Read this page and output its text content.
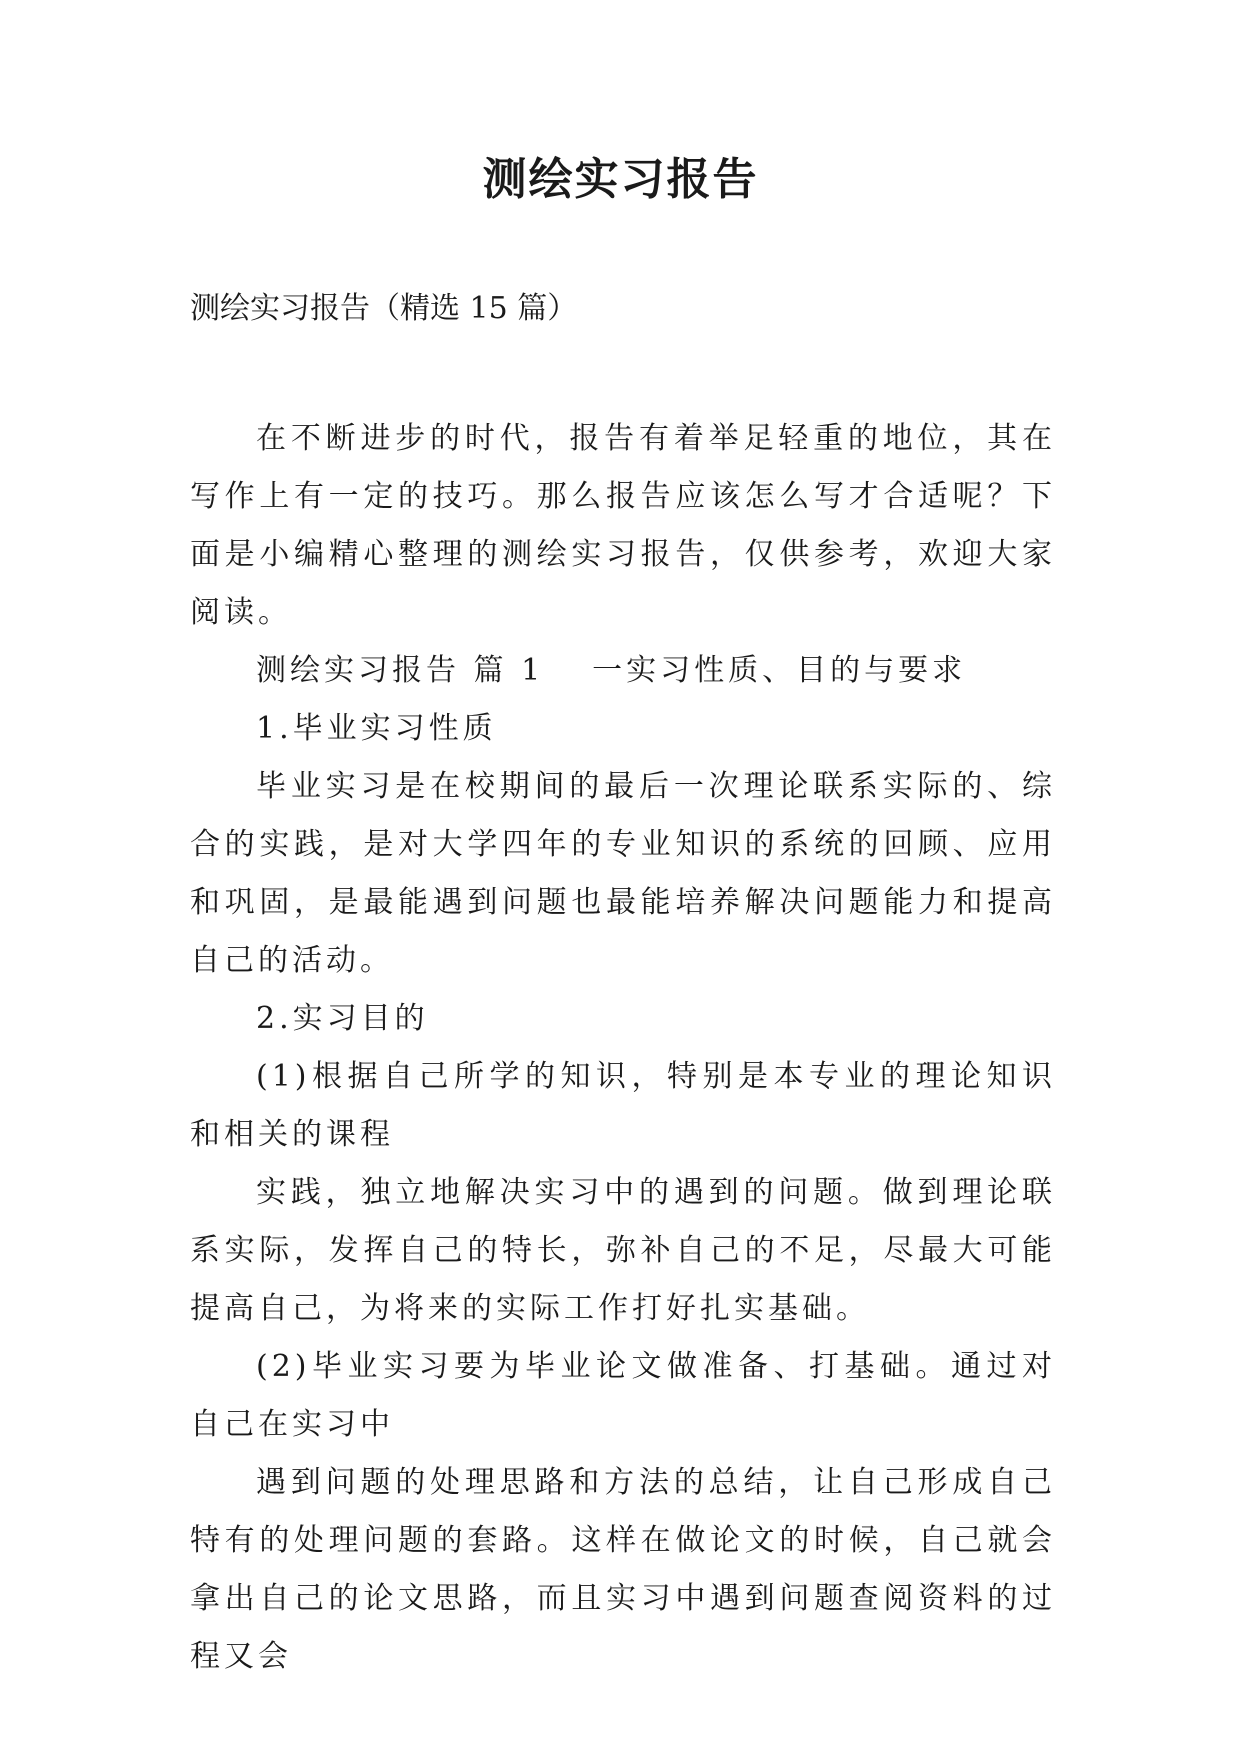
测绘实习报告
测绘实习报告（精选 15 篇）

在不断进步的时代，报告有着举足轻重的地位，其在写作上有一定的技巧。那么报告应该怎么写才合适呢？下面是小编精心整理的测绘实习报告，仅供参考，欢迎大家阅读。

测绘实习报告 篇 1 一实习性质、目的与要求

1.毕业实习性质

毕业实习是在校期间的最后一次理论联系实际的、综合的实践，是对大学四年的专业知识的系统的回顾、应用和巩固，是最能遇到问题也最能培养解决问题能力和提高自己的活动。

2.实习目的

(1)根据自己所学的知识，特别是本专业的理论知识和相关的课程

实践，独立地解决实习中的遇到的问题。做到理论联系实际，发挥自己的特长，弥补自己的不足，尽最大可能提高自己，为将来的实际工作打好扎实基础。

(2)毕业实习要为毕业论文做准备、打基础。通过对自己在实习中

遇到问题的处理思路和方法的总结，让自己形成自己特有的处理问题的套路。这样在做论文的时候，自己就会拿出自己的论文思路，而且实习中遇到问题查阅资料的过程又会
